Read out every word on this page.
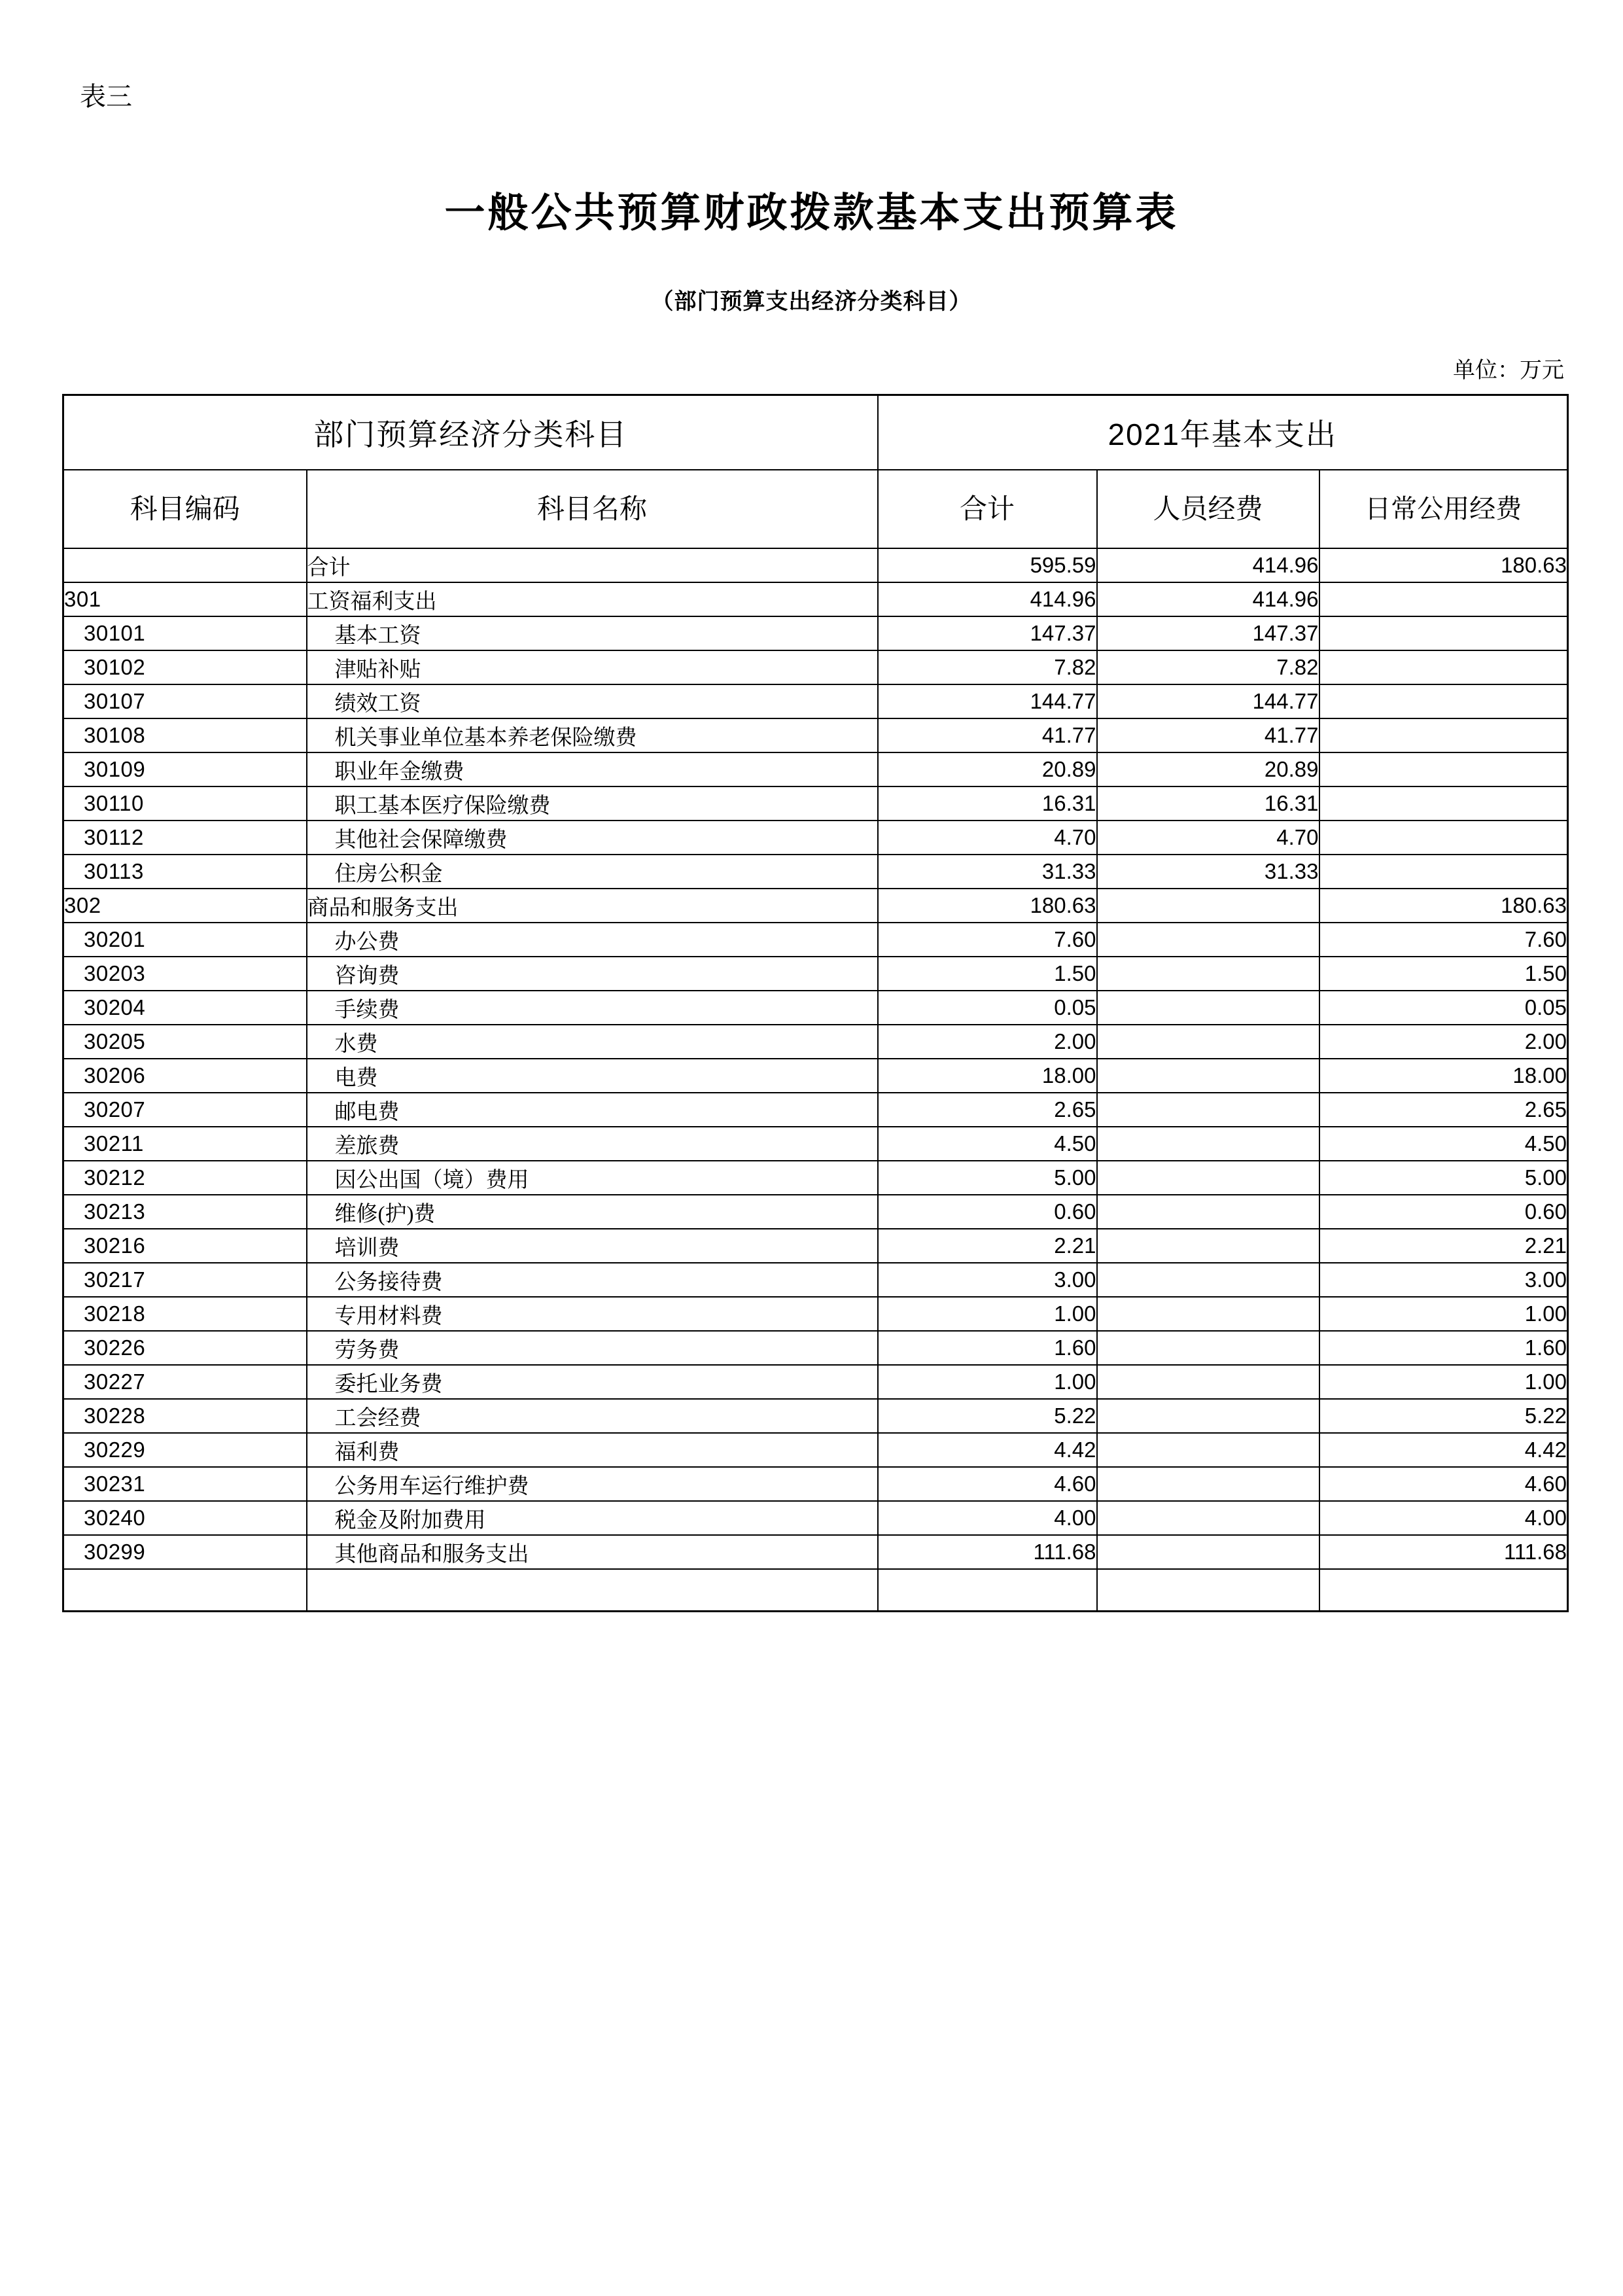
表三
一般公共预算财政拨款基本支出预算表
（部门预算支出经济分类科目）
单位：万元
部门预算经济分类科目		2021年基本支出		
科目编码	科目名称	合计	人员经费	日常公用经费
	合计	595.59	414.96	180.63
301	工资福利支出	414.96	414.96	
30101	基本工资	147.37	147.37	
30102	津贴补贴	7.82	7.82	
30107	绩效工资	144.77	144.77	
30108	机关事业单位基本养老保险缴费	41.77	41.77	
30109	职业年金缴费	20.89	20.89	
30110	职工基本医疗保险缴费	16.31	16.31	
30112	其他社会保障缴费	4.70	4.70	
30113	住房公积金	31.33	31.33	
302	商品和服务支出	180.63		180.63
30201	办公费	7.60		7.60
30203	咨询费	1.50		1.50
30204	手续费	0.05		0.05
30205	水费	2.00		2.00
30206	电费	18.00		18.00
30207	邮电费	2.65		2.65
30211	差旅费	4.50		4.50
30212	因公出国（境）费用	5.00		5.00
30213	维修(护)费	0.60		0.60
30216	培训费	2.21		2.21
30217	公务接待费	3.00		3.00
30218	专用材料费	1.00		1.00
30226	劳务费	1.60		1.60
30227	委托业务费	1.00		1.00
30228	工会经费	5.22		5.22
30229	福利费	4.42		4.42
30231	公务用车运行维护费	4.60		4.60
30240	税金及附加费用	4.00		4.00
30299	其他商品和服务支出	111.68		111.68
